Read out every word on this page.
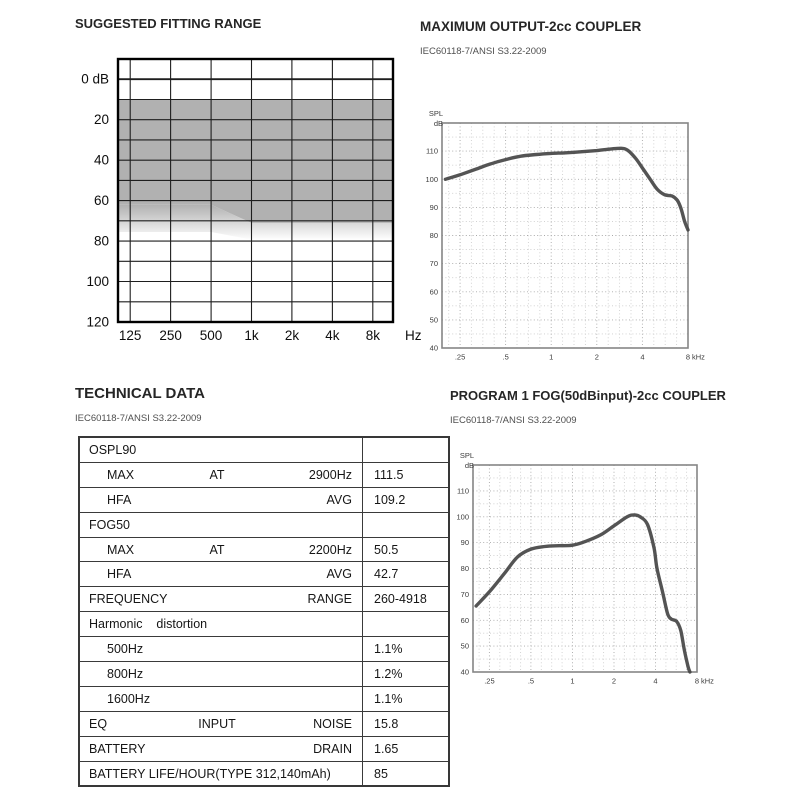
SUGGESTED FITTING RANGE
0 dB
20
40
60
80
100
120
125 250 500 1k 2k 4k 8k Hz
MAXIMUM OUTPUT-2cc COUPLER
IEC60118-7/ANSI S3.22-2009
110
100
90
80
70
60
50
40
SPL
dB
.25	.5	1	2	4	8 kHz
TECHNICAL DATA
IEC60118-7/ANSI S3.22-2009
OSPL90
MAX	AT	2900Hz	111.5
HFA	AVG	109.2
FOG50
MAX	AT	2200Hz	50.5
HFA	AVG	42.7
FREQUENCY	RANGE	260-4918
Harmonic    distortion
500Hz	1.1%
800Hz	1.2%
1600Hz	1.1%
EQ	INPUT	NOISE	15.8
BATTERY	DRAIN	1.65
BATTERY LIFE/HOUR(TYPE 312,140mAh)	85
PROGRAM 1 FOG(50dBinput)-2cc COUPLER
IEC60118-7/ANSI S3.22-2009
110
100
90
80
70
60
50
40
SPL
dB
.25	.5	1	2	4	8 kHz
